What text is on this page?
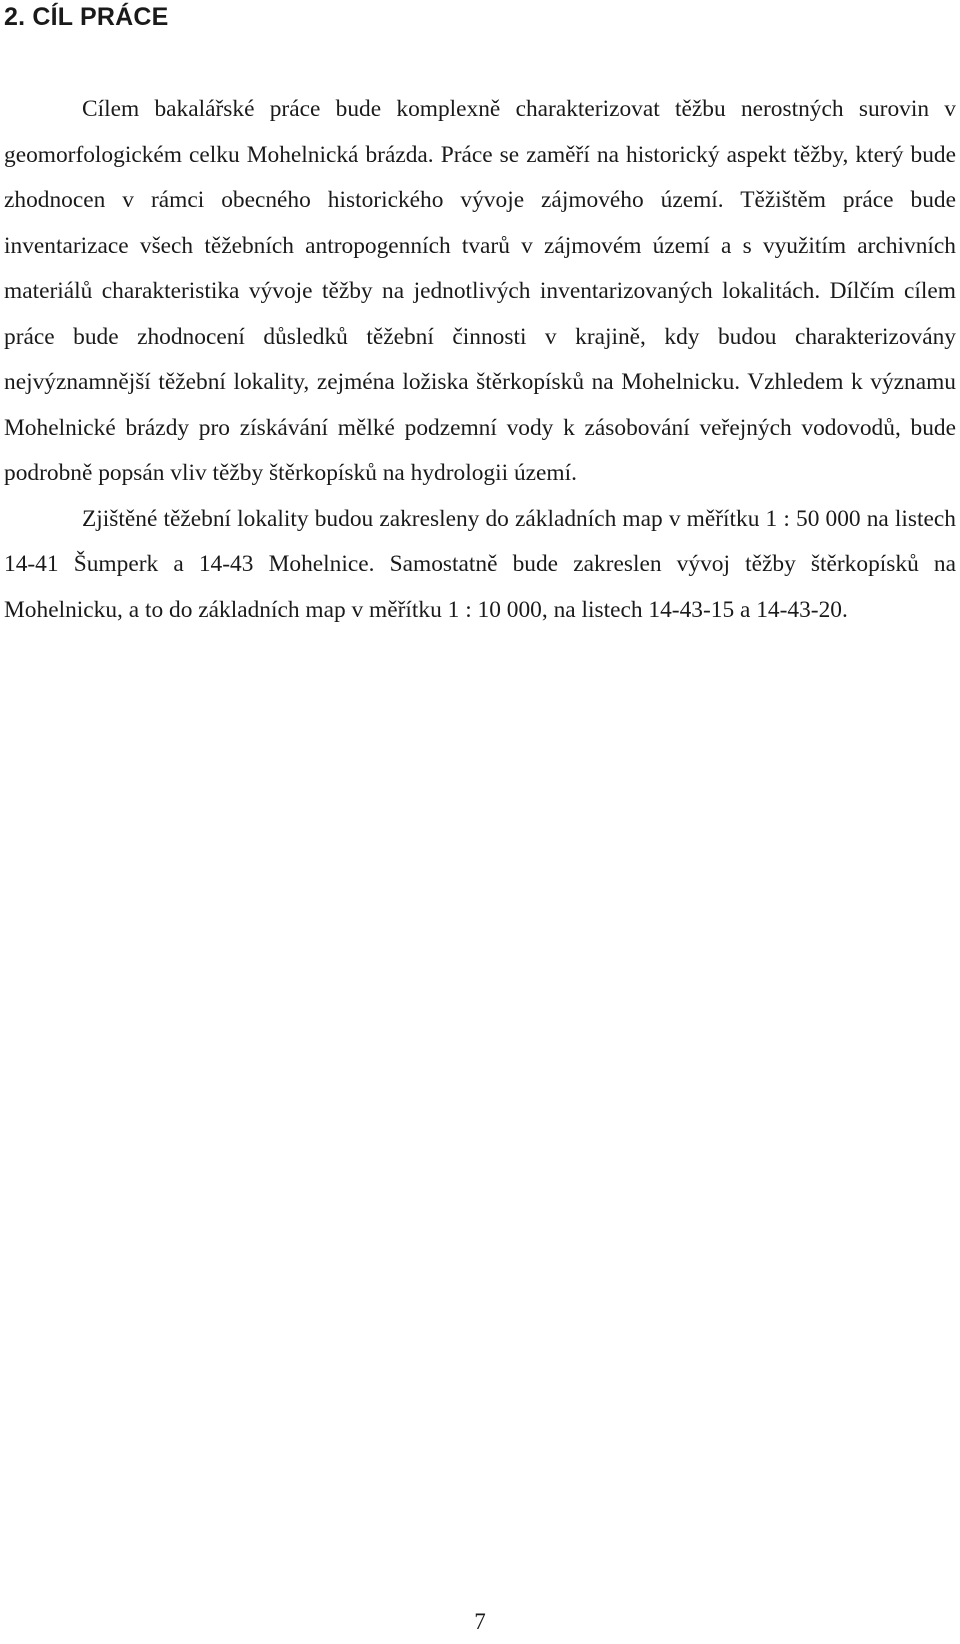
2. CÍL PRÁCE

Cílem bakalářské práce bude komplexně charakterizovat těžbu nerostných surovin v geomorfologickém celku Mohelnická brázda. Práce se zaměří na historický aspekt těžby, který bude zhodnocen v rámci obecného historického vývoje zájmového území. Těžištěm práce bude inventarizace všech těžebních antropogenních tvarů v zájmovém území a s využitím archivních materiálů charakteristika vývoje těžby na jednotlivých inventarizovaných lokalitách. Dílčím cílem práce bude zhodnocení důsledků těžební činnosti v krajině, kdy budou charakterizovány nejvýznamnější těžební lokality, zejména ložiska štěrkopísků na Mohelnicku. Vzhledem k významu Mohelnické brázdy pro získávání mělké podzemní vody k zásobování veřejných vodovodů, bude podrobně popsán vliv těžby štěrkopísků na hydrologii území.

Zjištěné těžební lokality budou zakresleny do základních map v měřítku 1 : 50 000 na listech 14-41 Šumperk a 14-43 Mohelnice. Samostatně bude zakreslen vývoj těžby štěrkopísků na Mohelnicku, a to do základních map v měřítku 1 : 10 000, na listech 14-43-15 a 14-43-20.

7
